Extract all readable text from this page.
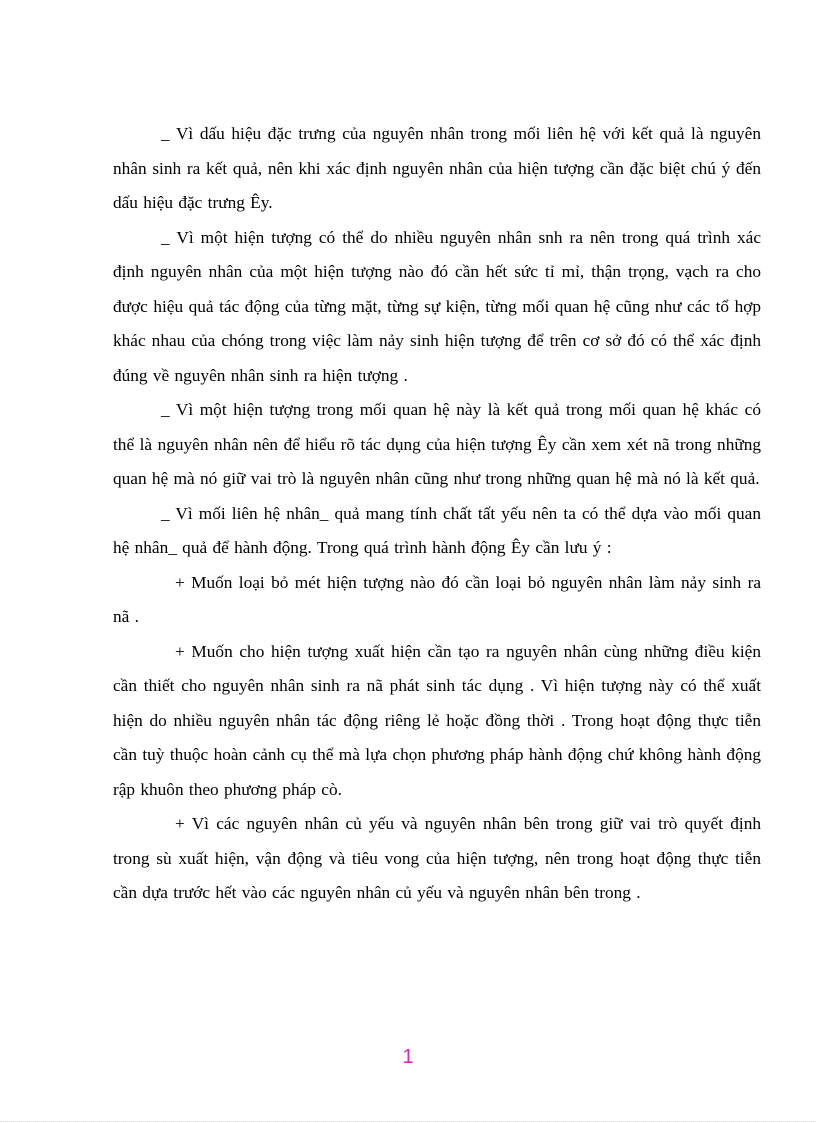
_ Vì dấu hiệu đặc trưng của nguyên nhân trong mối liên hệ với kết quả là nguyên nhân sinh ra kết quả, nên khi xác định nguyên nhân của hiện tượng cần đặc biệt chú ý đến dấu hiệu đặc trưng Êy.

_ Vì một hiện tượng có thể do nhiều nguyên nhân snh ra nên trong quá trình xác định nguyên nhân của một hiện tượng nào đó cần hết sức tỉ mỉ, thận trọng, vạch ra cho được hiệu quả tác động của từng mặt, từng sự kiện, từng mối quan hệ cũng như các tổ hợp khác nhau của chóng trong việc làm nảy sinh hiện tượng để trên cơ sở đó có thể xác định đúng về nguyên nhân sinh ra hiện tượng .

_ Vì một hiện tượng trong mối quan hệ này là kết quả trong mối quan hệ khác có thể là nguyên nhân nên để hiểu rõ tác dụng của hiện tượng Êy cần xem xét nã trong những quan hệ mà nó giữ vai trò là nguyên nhân cũng như trong những quan hệ mà nó là kết quả.

_ Vì mối liên hệ nhân_ quả mang tính chất tất yếu nên ta có thể dựa vào mối quan hệ nhân_ quả để hành động. Trong quá trình hành động Êy cần lưu ý :

+ Muốn loại bỏ mét hiện tượng nào đó cần loại bỏ nguyên nhân làm nảy sinh ra nã .

+ Muốn cho hiện tượng xuất hiện cần tạo ra nguyên nhân cùng những điều kiện cần thiết cho nguyên nhân sinh ra nã phát sinh tác dụng . Vì hiện tượng này có thể xuất hiện do nhiều nguyên nhân tác động riêng lẻ hoặc đồng thời . Trong hoạt động thực tiễn cần tuỳ thuộc hoàn cảnh cụ thể mà lựa chọn phương pháp hành động chứ không hành động rập khuôn theo phương pháp cò.

+ Vì các nguyên nhân củ yếu và nguyên nhân bên trong giữ vai trò quyết định trong sù xuất hiện, vận động và tiêu vong của hiện tượng, nên trong hoạt động thực tiễn cần dựa trước hết vào các nguyên nhân củ yếu và nguyên nhân bên trong .

1
